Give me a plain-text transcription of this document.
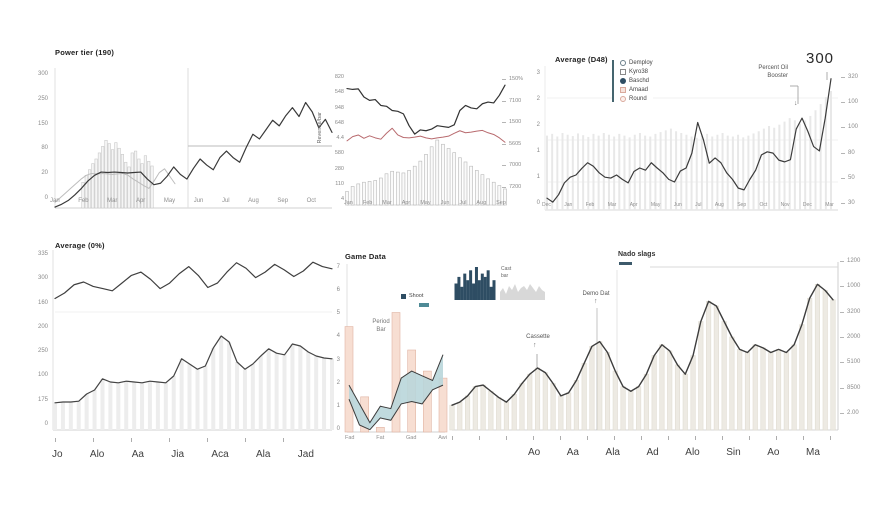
Power tier (190)
300
250
150
80
20
0
Jan	Feb	Mar	Apr	May	Jun	Jul	Aug	Sep	Oct
Revenue/bar
820
548
948
648
4.4
580
280
110
4
150%
7100
1500
5605
7000
7200
Jan Feb Mar Apr May Jun Jul Aug Sep
Average (D48)	Demploy
Kyro38
Baschd
Amaad
Round
300
Percent Oil
Booster
↓
3
2
2
1
1
0
320
100
100
80
50
30
Dec	Jan	Feb	Mar	Apr	May	Jun	Jul	Aug	Sep	Oct	Nov	Dec	Mar
Average (0%)
335
300
160
200
250
100
175
0
Jo	Alo	Aa	Jia	Aca	Ala	Jad
Game Data
7
6
5
4
3
2
1
0
Shoot
Period
Bar
Fad	Fat	Gad	Awi
Cast
bar
Nado slags
Demo Dat
↑
Cassette
↑
1200
1000
3200
2000
5100
8500
2.00
Ao	Aa	Ala	Ad	Alo	Sin	Ao	Ma
